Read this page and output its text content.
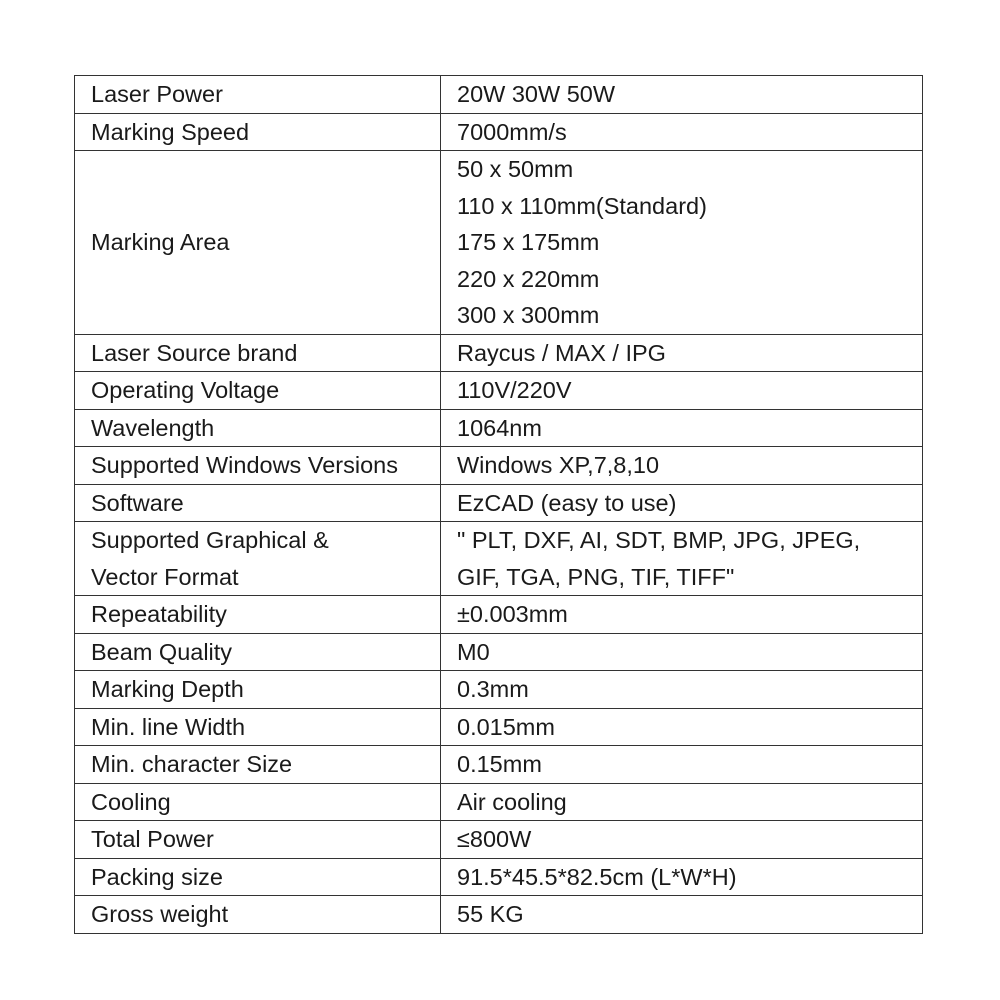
Laser Power	20W 30W 50W

Marking Speed	7000mm/s

Marking Area	50 x 50mm
110 x 110mm(Standard)
175 x 175mm
220 x 220mm
300 x 300mm

Laser Source brand	Raycus / MAX / IPG

Operating Voltage	110V/220V

Wavelength	1064nm

Supported Windows Versions	Windows XP,7,8,10

Software	EzCAD (easy to use)

Supported Graphical &
Vector Format	" PLT, DXF, AI, SDT, BMP, JPG, JPEG,
GIF, TGA, PNG, TIF, TIFF"

Repeatability	±0.003mm

Beam Quality	M0

Marking Depth	0.3mm

Min. line Width	0.015mm

Min. character Size	0.15mm

Cooling	Air cooling

Total Power	≤800W

Packing size	91.5*45.5*82.5cm (L*W*H)

Gross weight	55 KG
